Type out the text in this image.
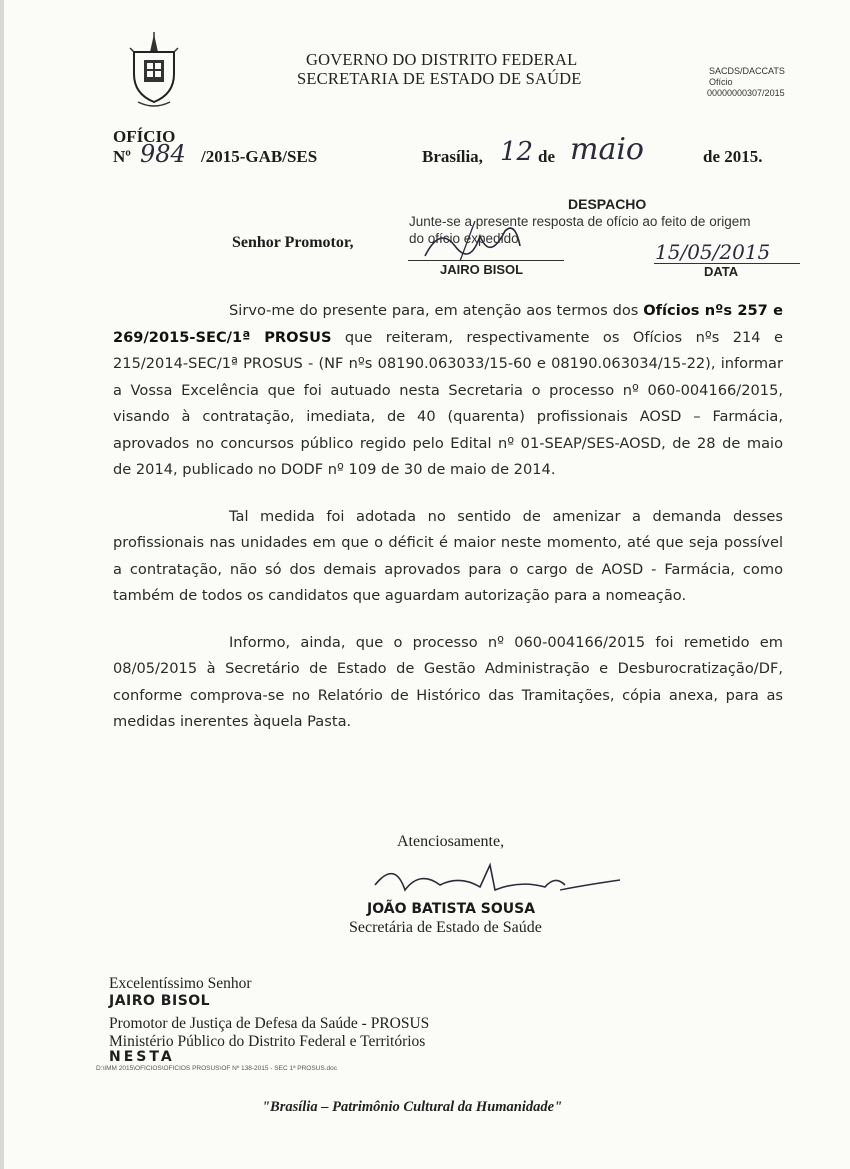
GOVERNO DO DISTRITO FEDERAL
SECRETARIA DE ESTADO DE SAÚDE	SACDS/DACCATS
Ofício
00000000307/2015
OFÍCIO
Nº 984 /2015-GAB/SES	Brasília, 12 de maio	de 2015.
DESPACHO
Junte-se a presente resposta de ofício ao feito de origem
do ofício expedido
JAIRO BISOL
15/05/2015
DATA
Senhor Promotor,

Sirvo-me do presente para, em atenção aos termos dos Ofícios nºs 257 e 269/2015-SEC/1ª PROSUS que reiteram, respectivamente os Ofícios nºs 214 e 215/2014-SEC/1ª PROSUS - (NF nºs 08190.063033/15-60 e 08190.063034/15-22), informar a Vossa Excelência que foi autuado nesta Secretaria o processo nº 060-004166/2015, visando à contratação, imediata, de 40 (quarenta) profissionais AOSD – Farmácia, aprovados no concursos público regido pelo Edital nº 01-SEAP/SES-AOSD, de 28 de maio de 2014, publicado no DODF nº 109 de 30 de maio de 2014.

Tal medida foi adotada no sentido de amenizar a demanda desses profissionais nas unidades em que o déficit é maior neste momento, até que seja possível a contratação, não só dos demais aprovados para o cargo de AOSD - Farmácia, como também de todos os candidatos que aguardam autorização para a nomeação.

Informo, ainda, que o processo nº 060-004166/2015 foi remetido em 08/05/2015 à Secretário de Estado de Gestão Administração e Desburocratização/DF, conforme comprova-se no Relatório de Histórico das Tramitações, cópia anexa, para as medidas inerentes àquela Pasta.

Atenciosamente,
JOÃO BATISTA SOUSA
Secretária de Estado de Saúde
Excelentíssimo Senhor
JAIRO BISOL
Promotor de Justiça de Defesa da Saúde - PROSUS
Ministério Público do Distrito Federal e Territórios
NESTA
D:\IMM 2015\OFICIOS\OFICIOS PROSUS\OF Nº 138-2015 - SEC 1ª PROSUS.doc
"Brasília – Patrimônio Cultural da Humanidade"
